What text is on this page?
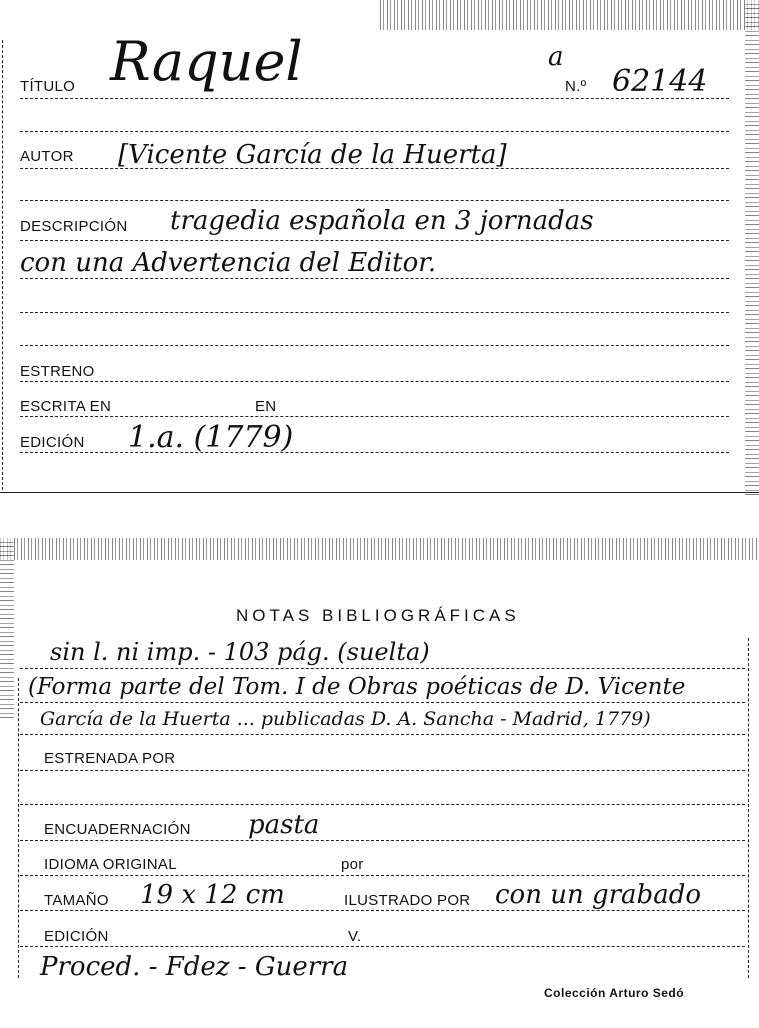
TÍTULO Raquel	a
N.º 62144
AUTOR [Vicente García de la Huerta]
DESCRIPCIÓN tragedia española en 3 jornadas
con una Advertencia del Editor.
ESTRENO
ESCRITA EN	EN
EDICIÓN 1.a. (1779)
NOTAS BIBLIOGRÁFICAS
sin l. ni imp. - 103 pág. (suelta)
(Forma parte del Tom. I de Obras poéticas de D. Vicente
García de la Huerta ... publicadas D. A. Sancha - Madrid, 1779)
ESTRENADA POR
ENCUADERNACIÓN pasta
IDIOMA ORIGINAL	por
TAMAÑO 19 x 12 cm	ILUSTRADO POR con un grabado
EDICIÓN	V.
Proced. - Fdez - Guerra
Colección Arturo Sedó
